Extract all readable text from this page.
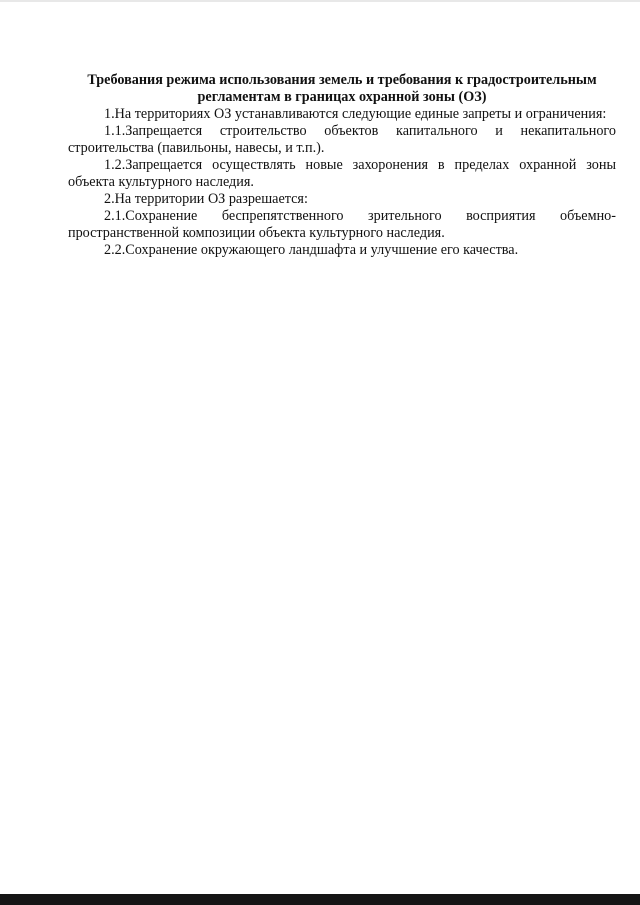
Требования режима использования земель и требования к градостроительным регламентам в границах охранной зоны (ОЗ)

1.На территориях ОЗ устанавливаются следующие единые запреты и ограничения:

1.1.Запрещается строительство объектов капитального и некапитального строительства (павильоны, навесы, и т.п.).

1.2.Запрещается осуществлять новые захоронения в пределах охранной зоны объекта культурного наследия.

2.На территории ОЗ разрешается:

2.1.Сохранение беспрепятственного зрительного восприятия объемно-пространственной композиции объекта культурного наследия.

2.2.Сохранение окружающего ландшафта и улучшение его качества.
